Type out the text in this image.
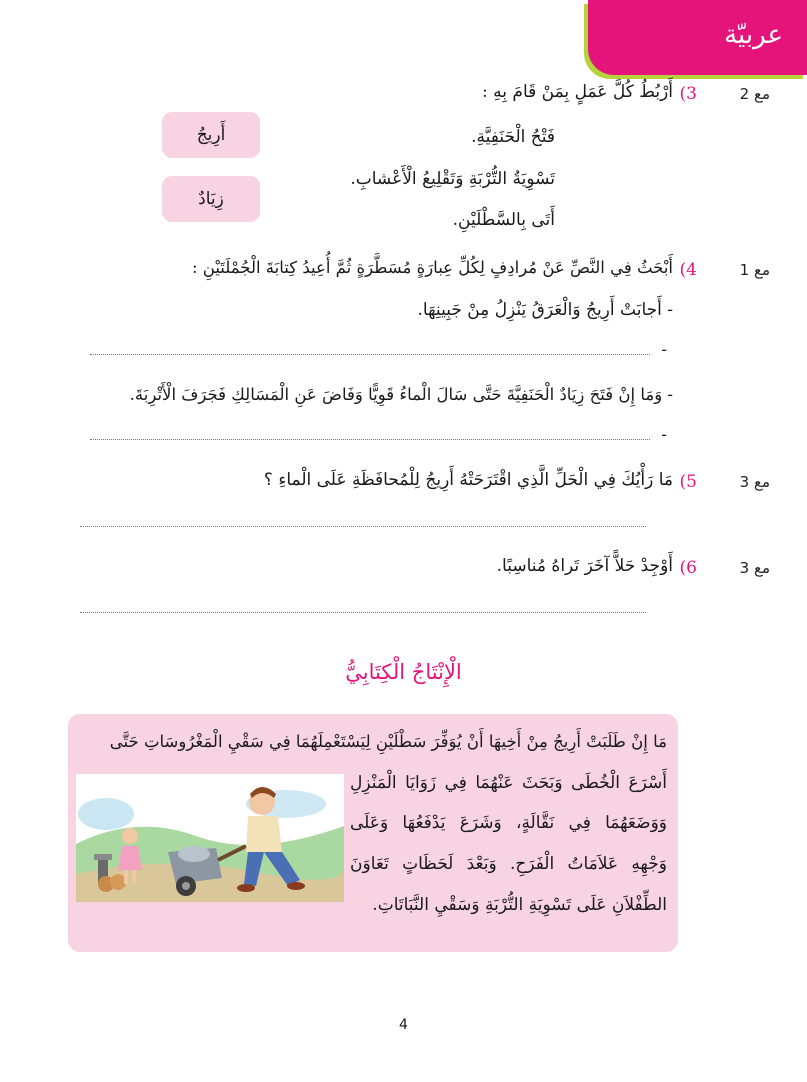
عربيّة
مع 2
3)
أَرْبُطُ كُلَّ عَمَلٍ بِمَنْ قَامَ بِهِ :
فَتْحُ الْحَنَفِيَّةِ.
تَسْوِيَةُ التُّرْبَةِ وَتَقْلِيعُ الْأَعْشابِ.
أَتَى بِالسَّطْلَيْنِ.
أَرِيجُ
زِيَادٌ
مع 1
4)
أَبْحَثُ فِي النَّصِّ عَنْ مُرادِفٍ لِكُلِّ عِبارَةٍ مُسَطَّرَةٍ ثُمَّ أُعِيدُ كِتابَةَ الْجُمْلَتَيْنِ :
- أَجابَتْ أَرِيجُ وَالْعَرَقُ يَنْزِلُ مِنْ جَبِينِهَا.
-
- وَمَا إِنْ فَتَحَ زِيَادٌ الْحَنَفِيَّةَ حَتَّى سَالَ الْماءُ قَوِيًّا وَفَاضَ عَنِ الْمَسَالِكِ فَجَرَفَ الْأَتْرِبَةَ.
-
مع 3
5)
مَا رَأْيُكَ فِي الْحَلِّ الَّذِي اقْتَرَحَتْهُ أَرِيجُ لِلْمُحافَظَةِ عَلَى الْماءِ ؟
مع 3
6)
أَوْجِدْ حَلاًّ آخَرَ تَراهُ مُناسِبًا.
الْإِنْتَاجُ الْكِتَابِيُّ
مَا إِنْ طَلَبَتْ أَرِيجُ مِنْ أَخِيهَا أَنْ يُوَفِّرَ سَطْلَيْنِ لِيَسْتَعْمِلَهُمَا فِي سَقْيِ الْمَغْرُوسَاتِ حَتَّى
أَسْرَعَ الْخُطَى وَبَحَثَ عَنْهُمَا فِي زَوَايَا الْمَنْزِلِ
وَوَضَعَهُمَا فِي نَقَّالَةٍ، وَشَرَعَ يَدْفَعُهَا وَعَلَى
وَجْهِهِ عَلاَمَاتُ الْفَرَحِ. وَبَعْدَ لَحَظَاتٍ تَعَاوَنَ
الطِّفْلاَنِ عَلَى تَسْوِيَةِ التُّرْبَةِ وَسَقْيِ النَّبَاتَاتِ.
4
